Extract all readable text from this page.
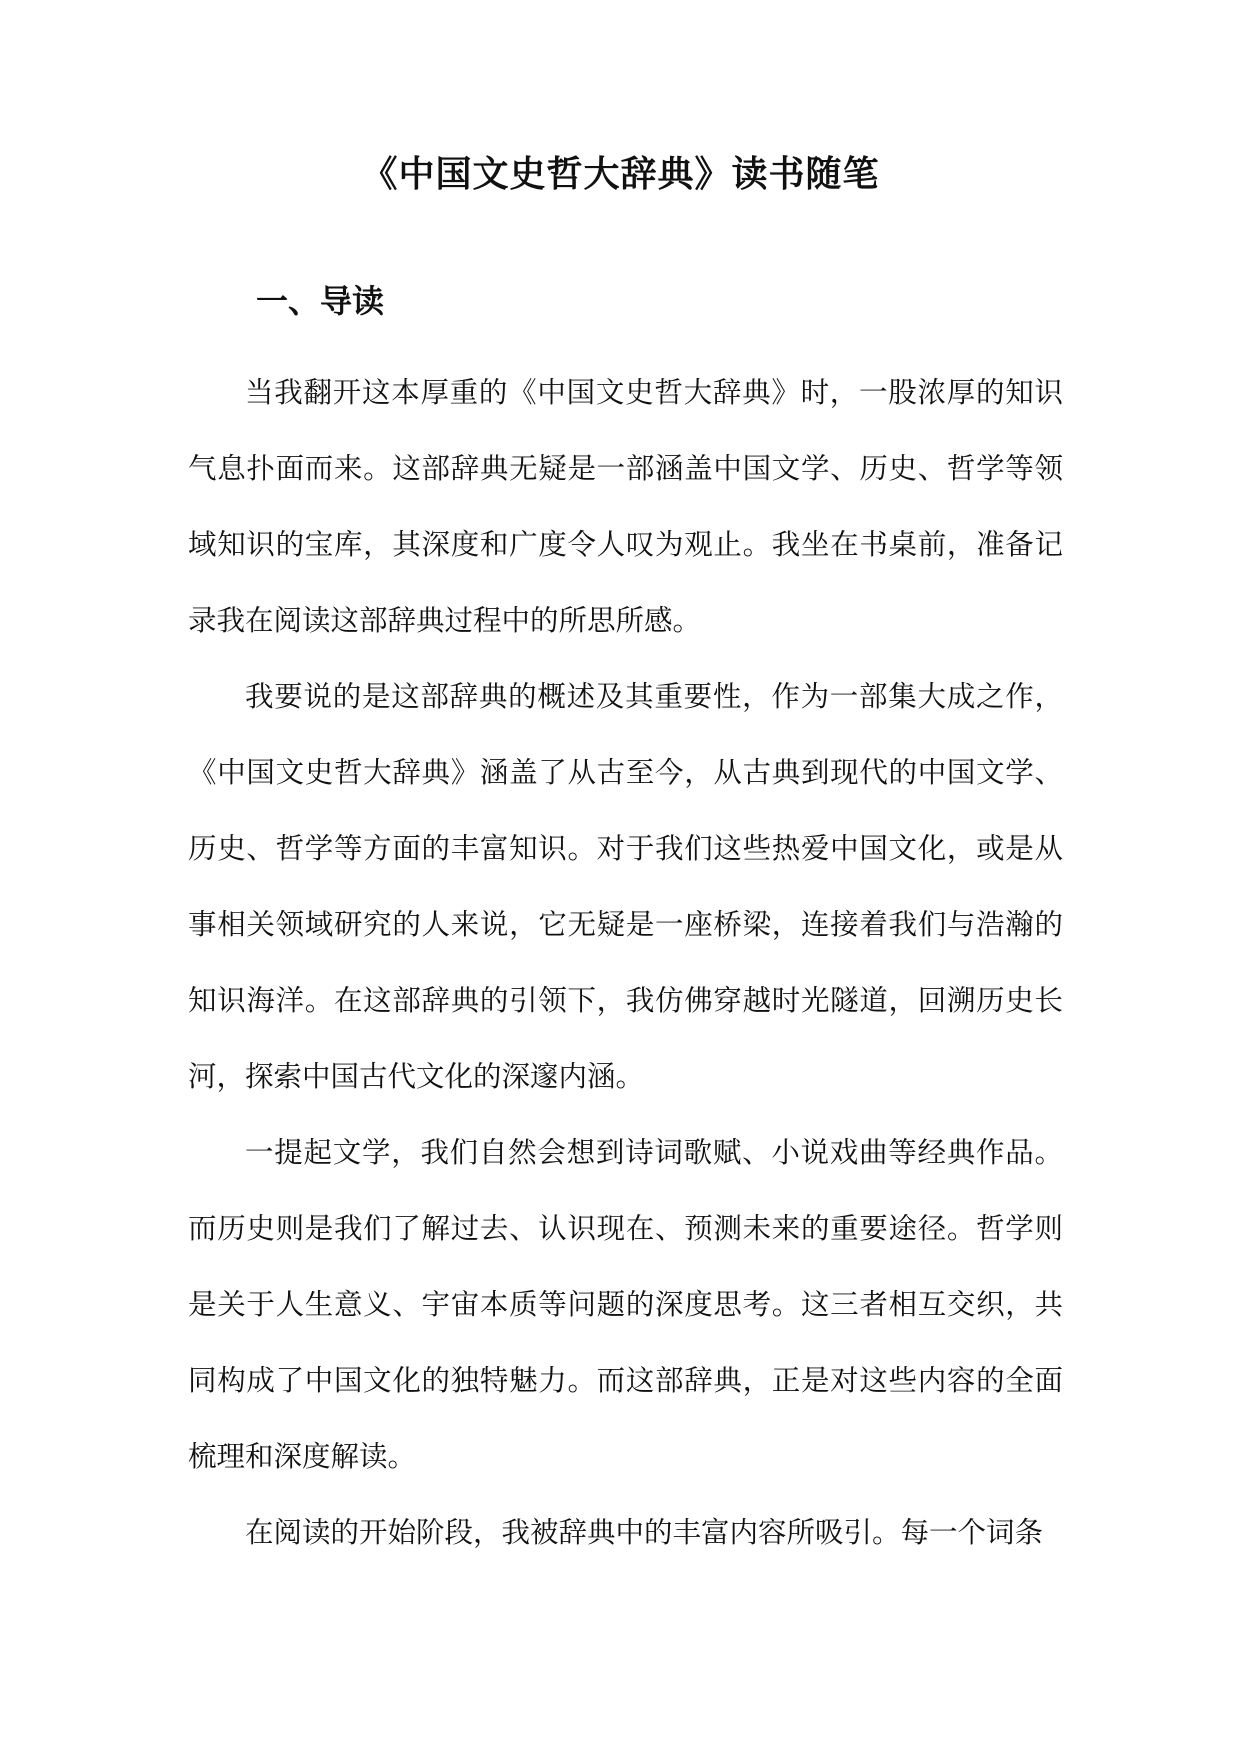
《中国文史哲大辞典》读书随笔
一、导读

当我翻开这本厚重的《中国文史哲大辞典》时，一股浓厚的知识气息扑面而来。这部辞典无疑是一部涵盖中国文学、历史、哲学等领域知识的宝库，其深度和广度令人叹为观止。我坐在书桌前，准备记录我在阅读这部辞典过程中的所思所感。

我要说的是这部辞典的概述及其重要性，作为一部集大成之作，《中国文史哲大辞典》涵盖了从古至今，从古典到现代的中国文学、历史、哲学等方面的丰富知识。对于我们这些热爱中国文化，或是从事相关领域研究的人来说，它无疑是一座桥梁，连接着我们与浩瀚的知识海洋。在这部辞典的引领下，我仿佛穿越时光隧道，回溯历史长河，探索中国古代文化的深邃内涵。

一提起文学，我们自然会想到诗词歌赋、小说戏曲等经典作品。而历史则是我们了解过去、认识现在、预测未来的重要途径。哲学则是关于人生意义、宇宙本质等问题的深度思考。这三者相互交织，共同构成了中国文化的独特魅力。而这部辞典，正是对这些内容的全面梳理和深度解读。

在阅读的开始阶段，我被辞典中的丰富内容所吸引。每一个词条
